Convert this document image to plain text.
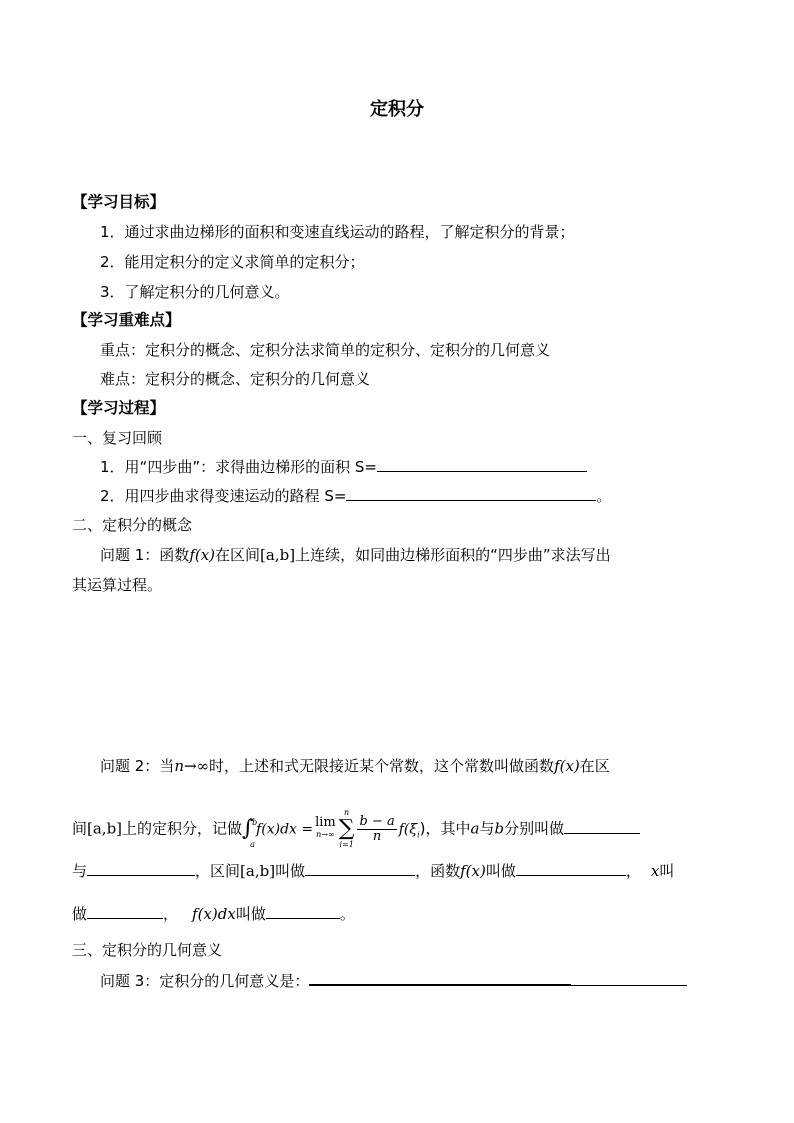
定积分
【学习目标】
1．通过求曲边梯形的面积和变速直线运动的路程，了解定积分的背景；
2．能用定积分的定义求简单的定积分；
3．了解定积分的几何意义。
【学习重难点】
重点：定积分的概念、定积分法求简单的定积分、定积分的几何意义
难点：定积分的概念、定积分的几何意义
【学习过程】
一、复习回顾
1．用“四步曲”：求得曲边梯形的面积 S=
2．用四步曲求得变速运动的路程 S=	。
二、定积分的概念
问题 1：函数f(x)在区间[a,b]上连续，如同曲边梯形面积的“四步曲”求法写出
其运算过程。
问题 2：当n→∞时，上述和式无限接近某个常数，这个常数叫做函数f(x)在区
间[a,b]上的定积分，记做∫
b
a
f(x)dx = lim
n→∞
n
∑
i=1
$\frac{b - a}{n} f(\xi_i)$，其中a与b分别叫做
与	，区间[a,b]叫做	，函数f(x)叫做	， x叫
做	， f(x)dx叫做	。
三、定积分的几何意义
问题 3：定积分的几何意义是：
